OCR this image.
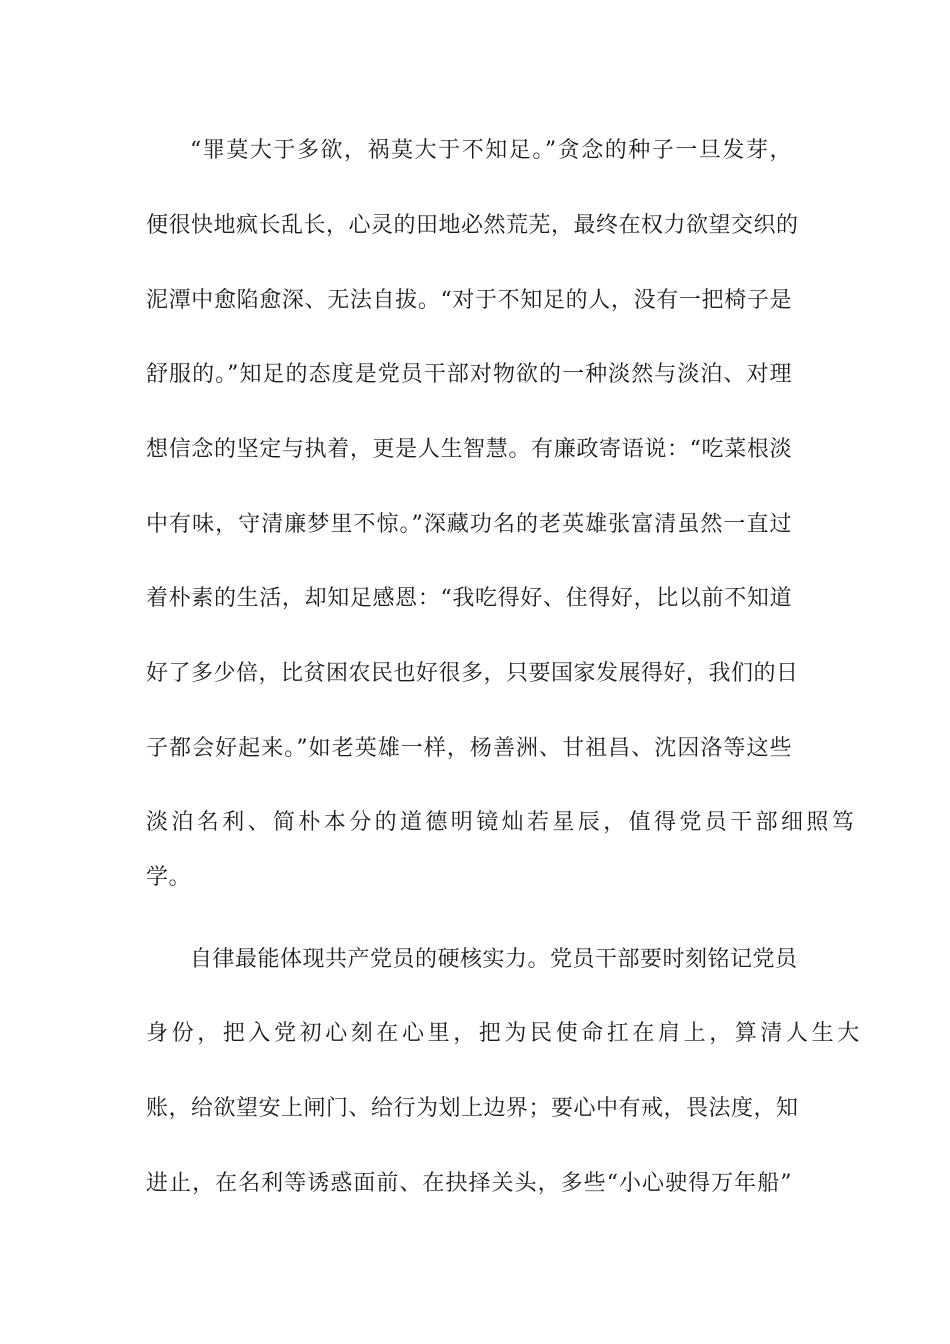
“罪莫大于多欲，祸莫大于不知足。”贪念的种子一旦发芽，
便很快地疯长乱长，心灵的田地必然荒芜，最终在权力欲望交织的
泥潭中愈陷愈深、无法自拔。“对于不知足的人，没有一把椅子是
舒服的。”知足的态度是党员干部对物欲的一种淡然与淡泊、对理
想信念的坚定与执着，更是人生智慧。有廉政寄语说：“吃菜根淡
中有味，守清廉梦里不惊。”深藏功名的老英雄张富清虽然一直过
着朴素的生活，却知足感恩：“我吃得好、住得好，比以前不知道
好了多少倍，比贫困农民也好很多，只要国家发展得好，我们的日
子都会好起来。”如老英雄一样，杨善洲、甘祖昌、沈因洛等这些
淡泊名利、简朴本分的道德明镜灿若星辰，值得党员干部细照笃
学。
自律最能体现共产党员的硬核实力。党员干部要时刻铭记党员
身份，把入党初心刻在心里，把为民使命扛在肩上，算清人生大
账，给欲望安上闸门、给行为划上边界；要心中有戒，畏法度，知
进止，在名利等诱惑面前、在抉择关头，多些“小心驶得万年船”
